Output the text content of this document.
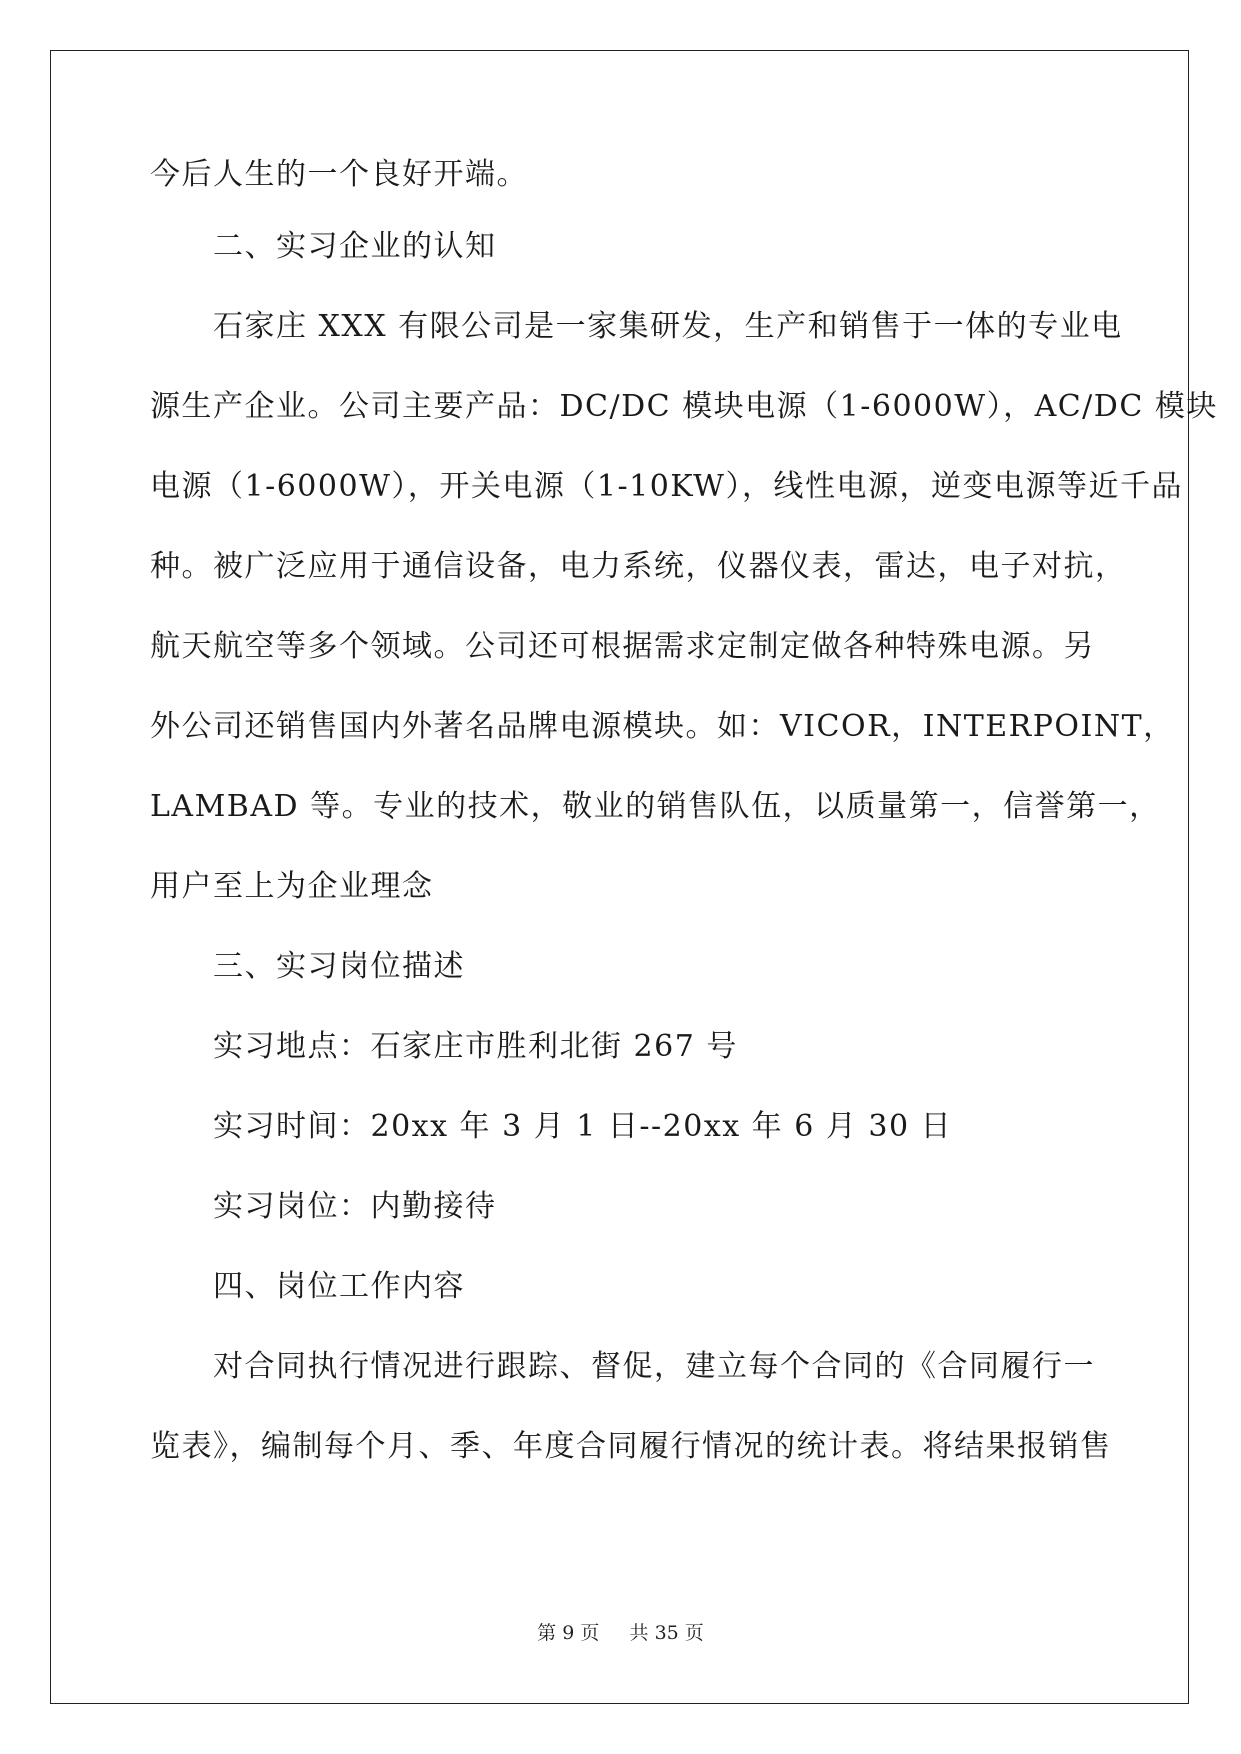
今后人生的一个良好开端。
二、实习企业的认知
石家庄 XXX 有限公司是一家集研发，生产和销售于一体的专业电
源生产企业。公司主要产品：DC/DC 模块电源（1-6000W），AC/DC 模块
电源（1-6000W），开关电源（1-10KW），线性电源，逆变电源等近千品
种。被广泛应用于通信设备，电力系统，仪器仪表，雷达，电子对抗，
航天航空等多个领域。公司还可根据需求定制定做各种特殊电源。另
外公司还销售国内外著名品牌电源模块。如：VICOR，INTERPOINT，
LAMBAD 等。专业的技术，敬业的销售队伍，以质量第一，信誉第一，
用户至上为企业理念
三、实习岗位描述
实习地点：石家庄市胜利北街 267 号
实习时间：20xx 年 3 月 1 日--20xx 年 6 月 30 日
实习岗位：内勤接待
四、岗位工作内容
对合同执行情况进行跟踪、督促，建立每个合同的《合同履行一
览表》，编制每个月、季、年度合同履行情况的统计表。将结果报销售
第 9 页 共 35 页
